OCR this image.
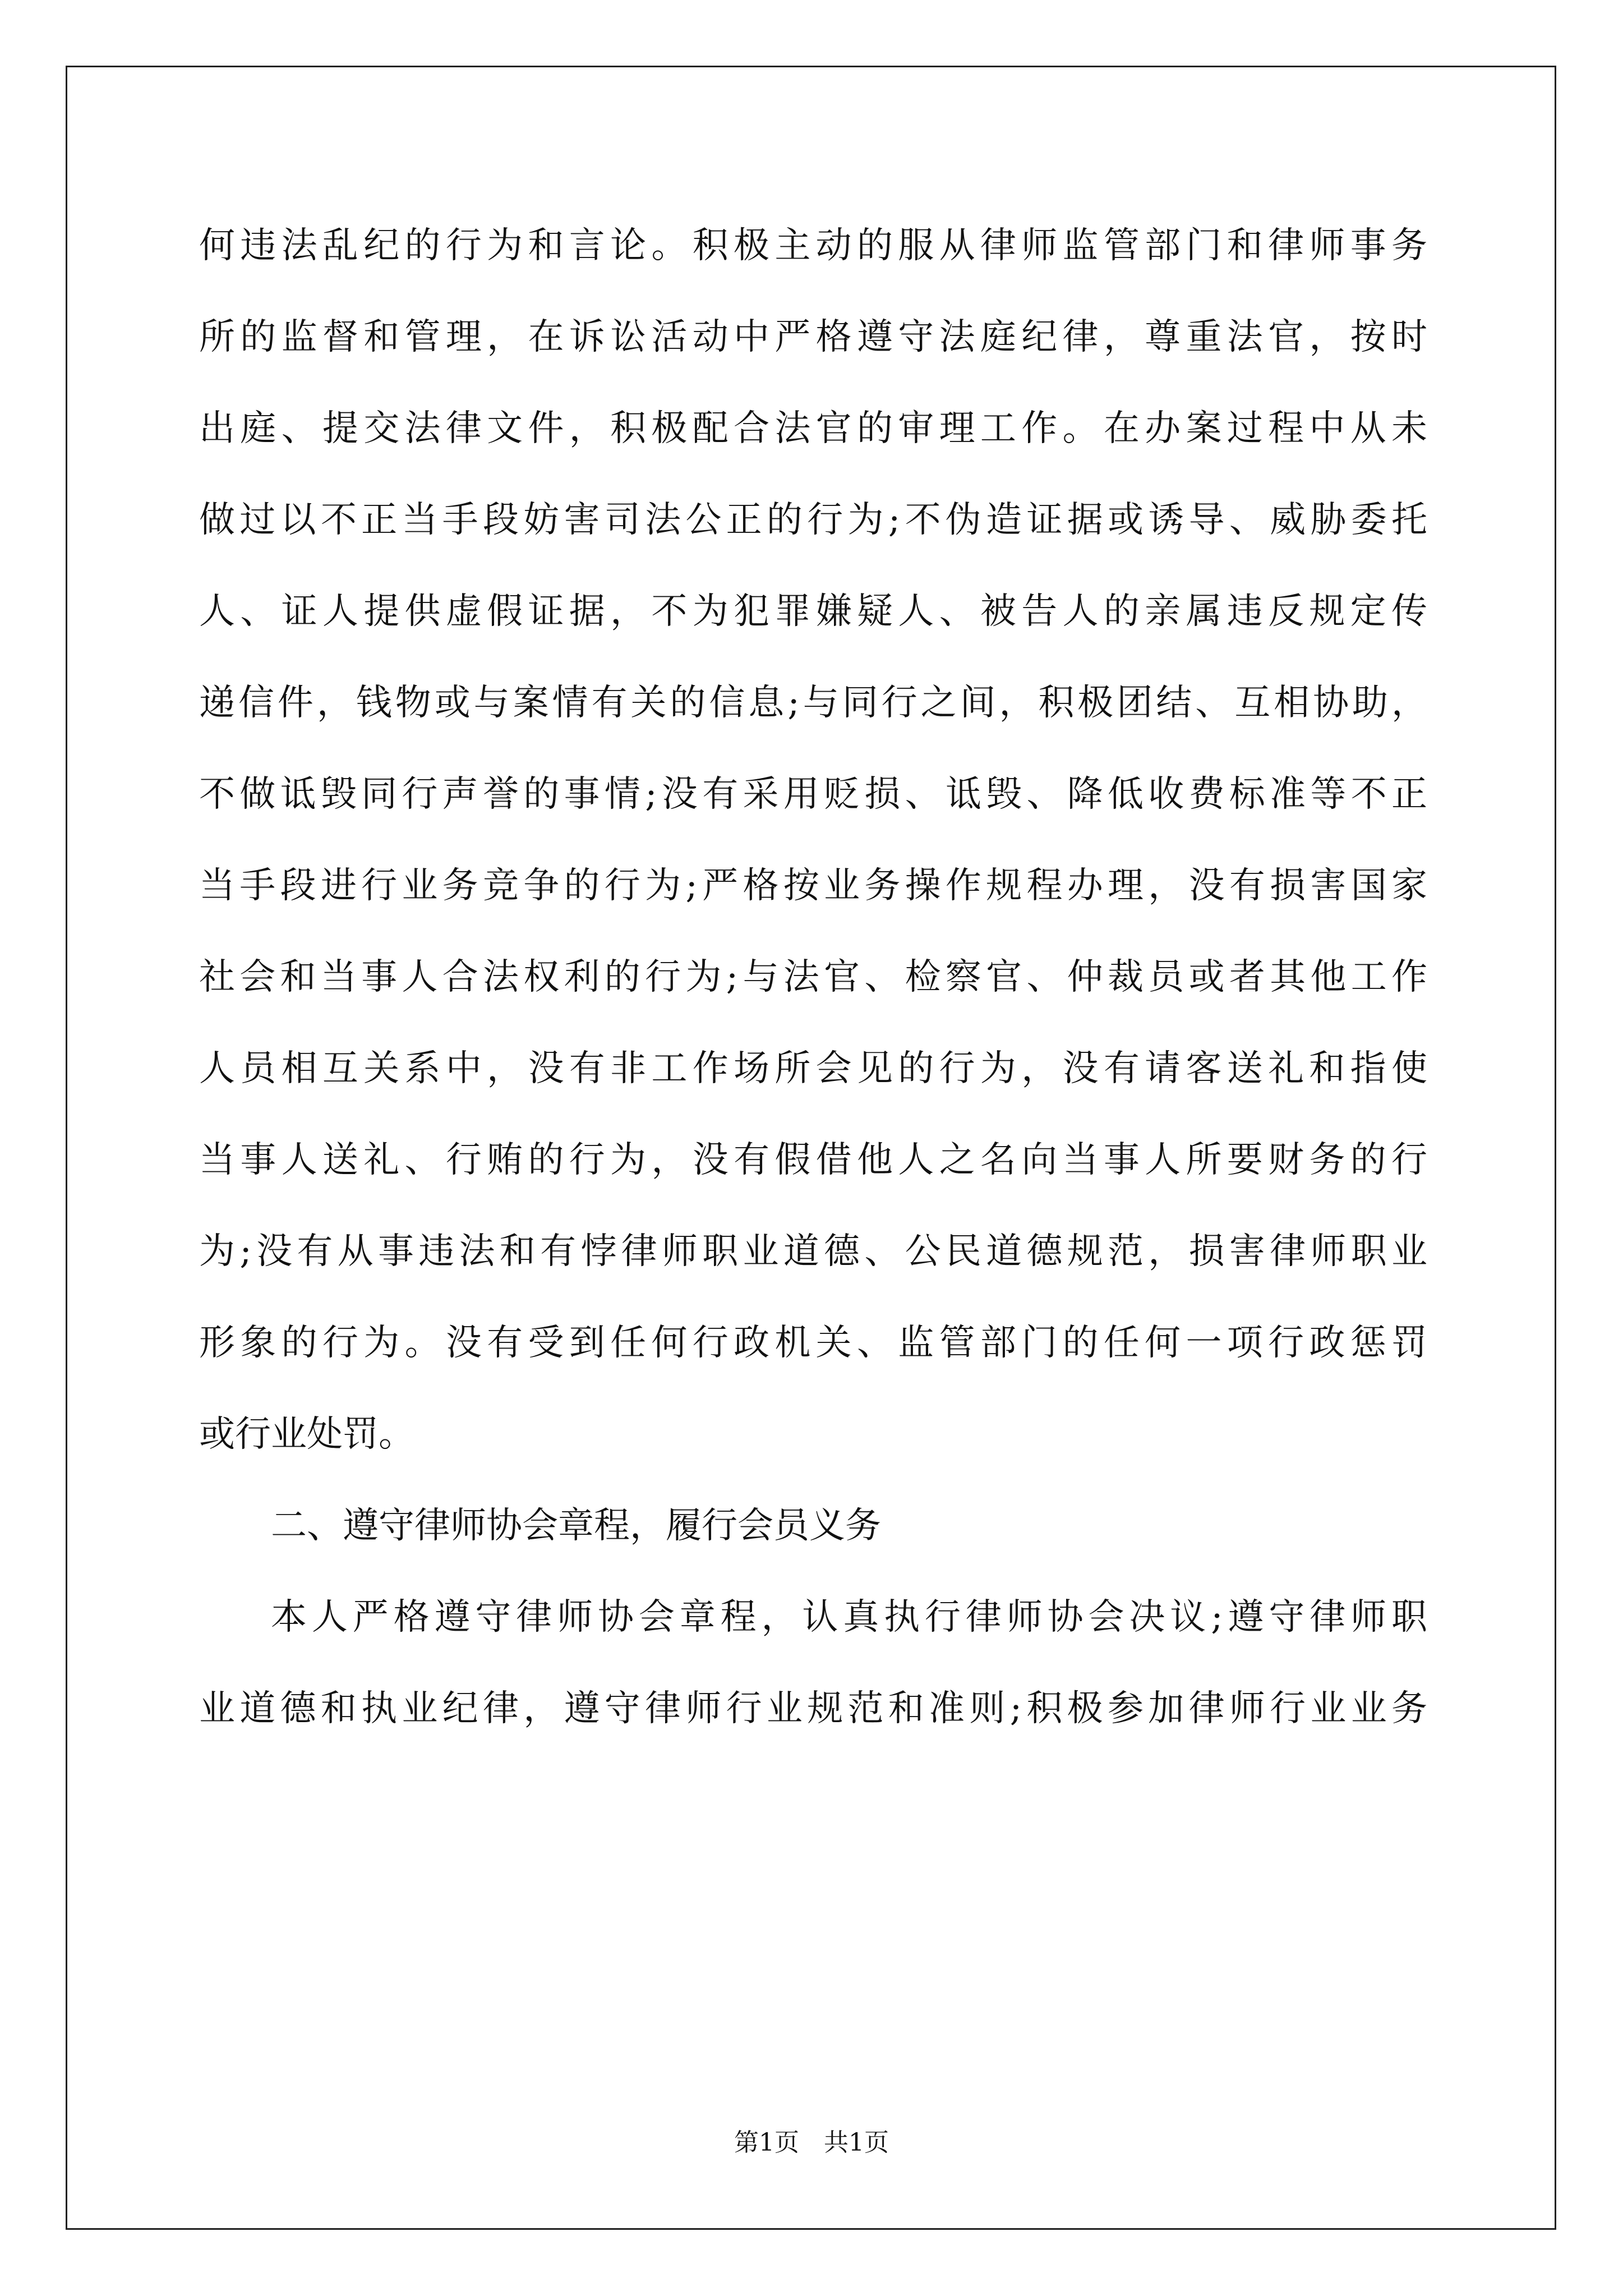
何违法乱纪的行为和言论。积极主动的服从律师监管部门和律师事务
所的监督和管理，在诉讼活动中严格遵守法庭纪律，尊重法官，按时
出庭、提交法律文件，积极配合法官的审理工作。在办案过程中从未
做过以不正当手段妨害司法公正的行为;不伪造证据或诱导、威胁委托
人、证人提供虚假证据，不为犯罪嫌疑人、被告人的亲属违反规定传
递信件，钱物或与案情有关的信息;与同行之间，积极团结、互相协助，
不做诋毁同行声誉的事情;没有采用贬损、诋毁、降低收费标准等不正
当手段进行业务竞争的行为;严格按业务操作规程办理，没有损害国家
社会和当事人合法权利的行为;与法官、检察官、仲裁员或者其他工作
人员相互关系中，没有非工作场所会见的行为，没有请客送礼和指使
当事人送礼、行贿的行为，没有假借他人之名向当事人所要财务的行
为;没有从事违法和有悖律师职业道德、公民道德规范，损害律师职业
形象的行为。没有受到任何行政机关、监管部门的任何一项行政惩罚
或行业处罚。
二、遵守律师协会章程，履行会员义务
本人严格遵守律师协会章程，认真执行律师协会决议;遵守律师职
业道德和执业纪律，遵守律师行业规范和准则;积极参加律师行业业务
第1页　共1页
